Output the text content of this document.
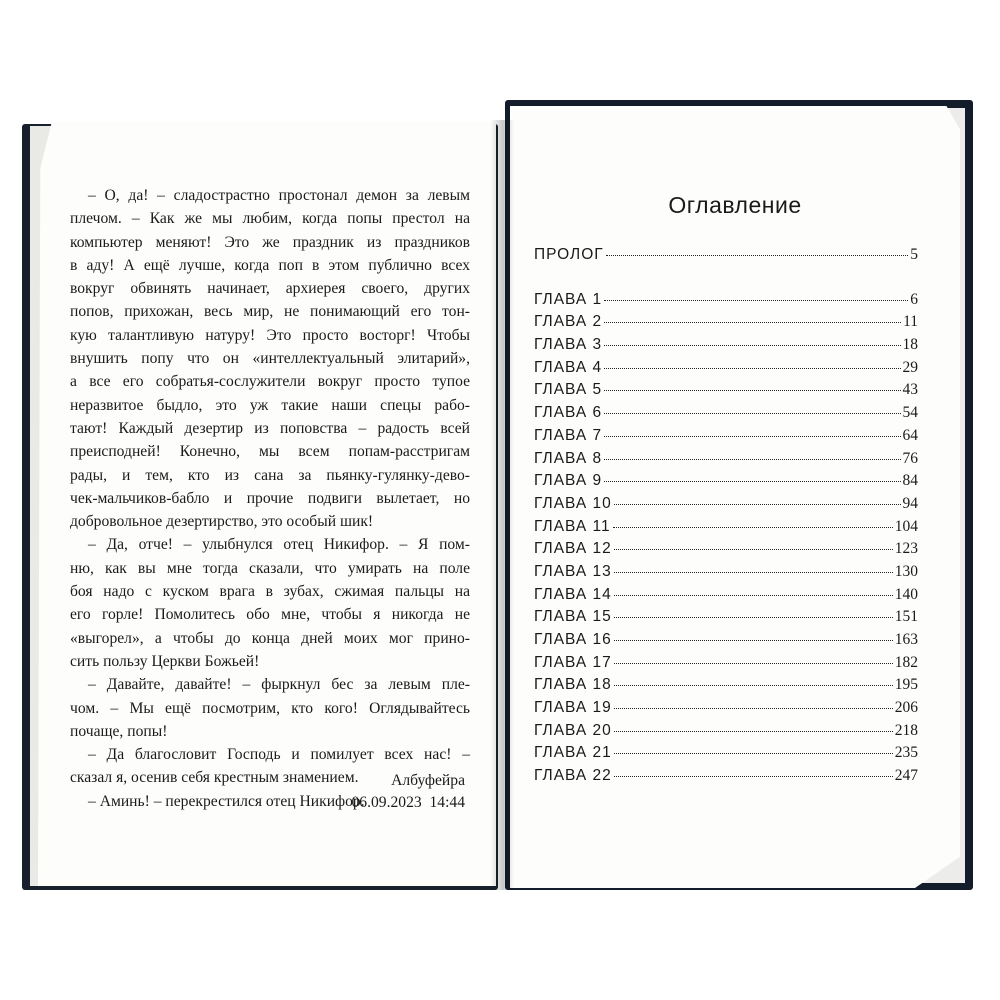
– О, да! – сладострастно простонал демон за левым
плечом. – Как же мы любим, когда попы престол на
компьютер меняют! Это же праздник из праздников
в аду! А ещё лучше, когда поп в этом публично всех
вокруг обвинять начинает, архиерея своего, других
попов, прихожан, весь мир, не понимающий его тон-
кую талантливую натуру! Это просто восторг! Чтобы
внушить попу что он «интеллектуальный элитарий»,
а все его собратья-сослужители вокруг просто тупое
неразвитое быдло, это уж такие наши спецы рабо-
тают! Каждый дезертир из поповства – радость всей
преисподней! Конечно, мы всем попам-расстригам
рады, и тем, кто из сана за пьянку-гулянку-дево-
чек-мальчиков-бабло и прочие подвиги вылетает, но
добровольное дезертирство, это особый шик!
– Да, отче! – улыбнулся отец Никифор. – Я пом-
ню, как вы мне тогда сказали, что умирать на поле
боя надо с куском врага в зубах, сжимая пальцы на
его горле! Помолитесь обо мне, чтобы я никогда не
«выгорел», а чтобы до конца дней моих мог прино-
сить пользу Церкви Божьей!
– Давайте, давайте! – фыркнул бес за левым пле-
чом. – Мы ещё посмотрим, кто кого! Оглядывайтесь
почаще, попы!
– Да благословит Господь и помилует всех нас! –
сказал я, осенив себя крестным знамением.
– Аминь! – перекрестился отец Никифор.
Албуфейра
06.09.2023 14:44
Оглавление
ПРОЛОГ	5
ГЛАВА 1	6
ГЛАВА 2	11
ГЛАВА 3	18
ГЛАВА 4	29
ГЛАВА 5	43
ГЛАВА 6	54
ГЛАВА 7	64
ГЛАВА 8	76
ГЛАВА 9	84
ГЛАВА 10	94
ГЛАВА 11	104
ГЛАВА 12	123
ГЛАВА 13	130
ГЛАВА 14	140
ГЛАВА 15	151
ГЛАВА 16	163
ГЛАВА 17	182
ГЛАВА 18	195
ГЛАВА 19	206
ГЛАВА 20	218
ГЛАВА 21	235
ГЛАВА 22	247
